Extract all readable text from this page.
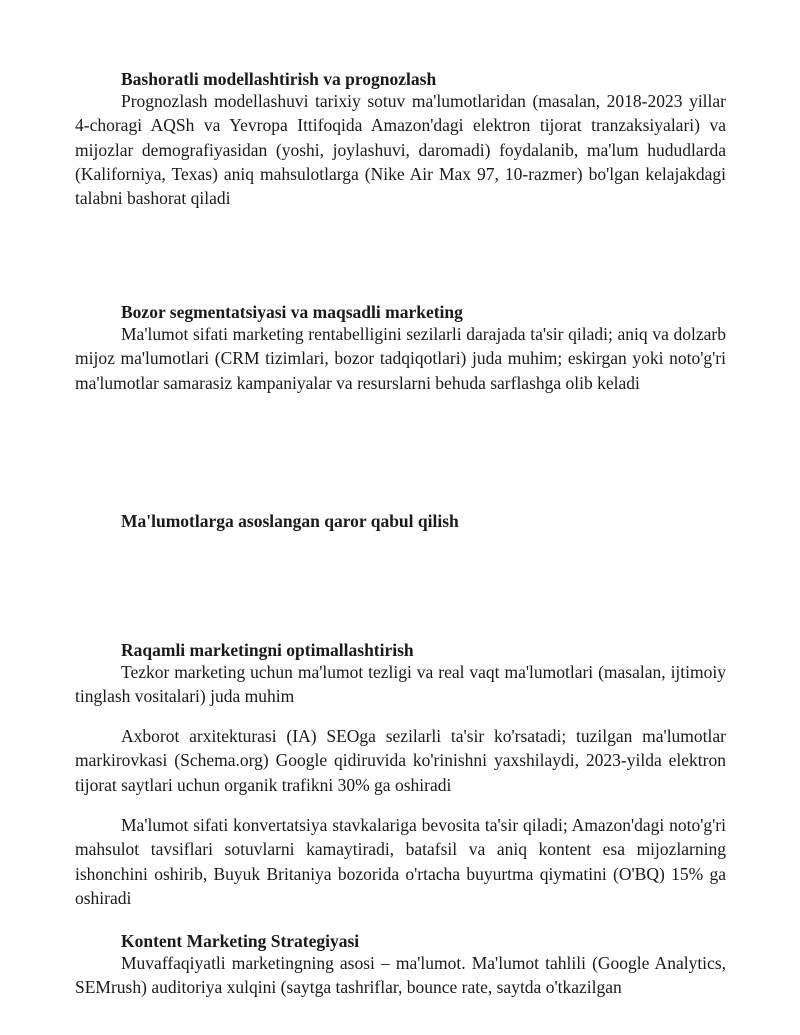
Bashoratli modellashtirish va prognozlash
Prognozlash modellashuvi tarixiy sotuv ma'lumotlaridan (masalan, 2018-2023 yillar 4-choragi AQSh va Yevropa Ittifoqida Amazon'dagi elektron tijorat tranzaksiyalari) va mijozlar demografiyasidan (yoshi, joylashuvi, daromadi) foydalanib, ma'lum hududlarda (Kaliforniya, Texas) aniq mahsulotlarga (Nike Air Max 97, 10-razmer) bo'lgan kelajakdagi talabni bashorat qiladi
Bozor segmentatsiyasi va maqsadli marketing
Ma'lumot sifati marketing rentabelligini sezilarli darajada ta'sir qiladi; aniq va dolzarb mijoz ma'lumotlari (CRM tizimlari, bozor tadqiqotlari) juda muhim; eskirgan yoki noto'g'ri ma'lumotlar samarasiz kampaniyalar va resurslarni behuda sarflashga olib keladi
Ma'lumotlarga asoslangan qaror qabul qilish
Raqamli marketingni optimallashtirish
Tezkor marketing uchun ma'lumot tezligi va real vaqt ma'lumotlari (masalan, ijtimoiy tinglash vositalari) juda muhim
Axborot arxitekturasi (IA) SEOga sezilarli ta'sir ko'rsatadi; tuzilgan ma'lumotlar markirovkasi (Schema.org) Google qidiruvida ko'rinishni yaxshilaydi, 2023-yilda elektron tijorat saytlari uchun organik trafikni 30% ga oshiradi
Ma'lumot sifati konvertatsiya stavkalariga bevosita ta'sir qiladi; Amazon'dagi noto'g'ri mahsulot tavsiflari sotuvlarni kamaytiradi, batafsil va aniq kontent esa mijozlarning ishonchini oshirib, Buyuk Britaniya bozorida o'rtacha buyurtma qiymatini (O'BQ) 15% ga oshiradi
Kontent Marketing Strategiyasi
Muvaffaqiyatli marketingning asosi – ma'lumot. Ma'lumot tahlili (Google Analytics, SEMrush) auditoriya xulqini (saytga tashriflar, bounce rate, saytda o'tkazilgan
